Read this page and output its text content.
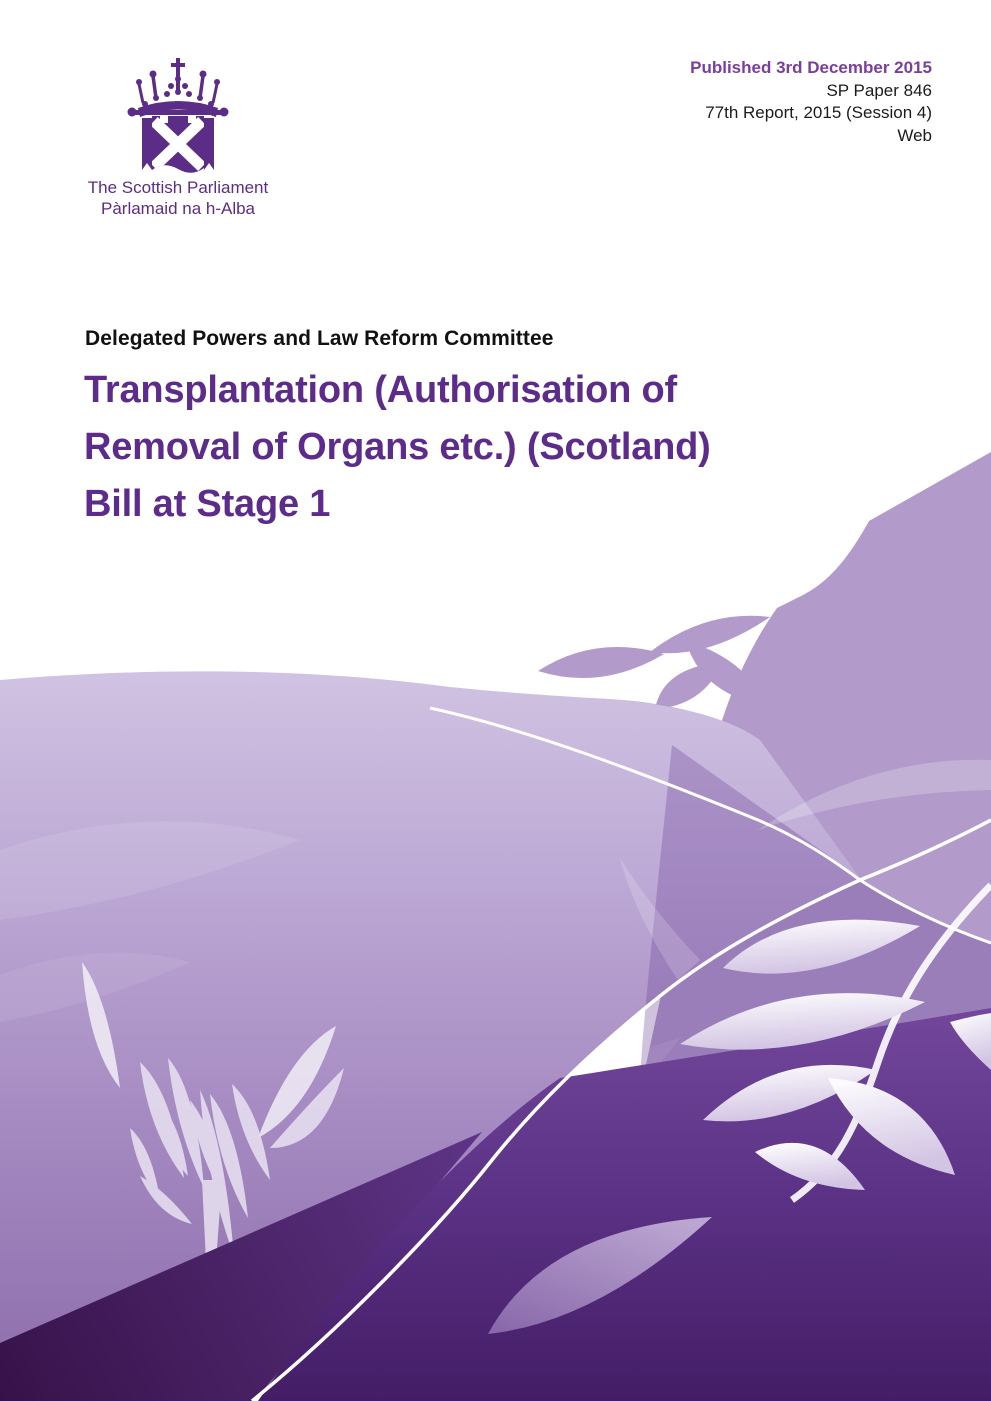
The Scottish Parliament
Pàrlamaid na h-Alba
Published 3rd December 2015
SP Paper 846
77th Report, 2015 (Session 4)
Web
Delegated Powers and Law Reform Committee
Transplantation (Authorisation of
Removal of Organs etc.) (Scotland)
Bill at Stage 1
